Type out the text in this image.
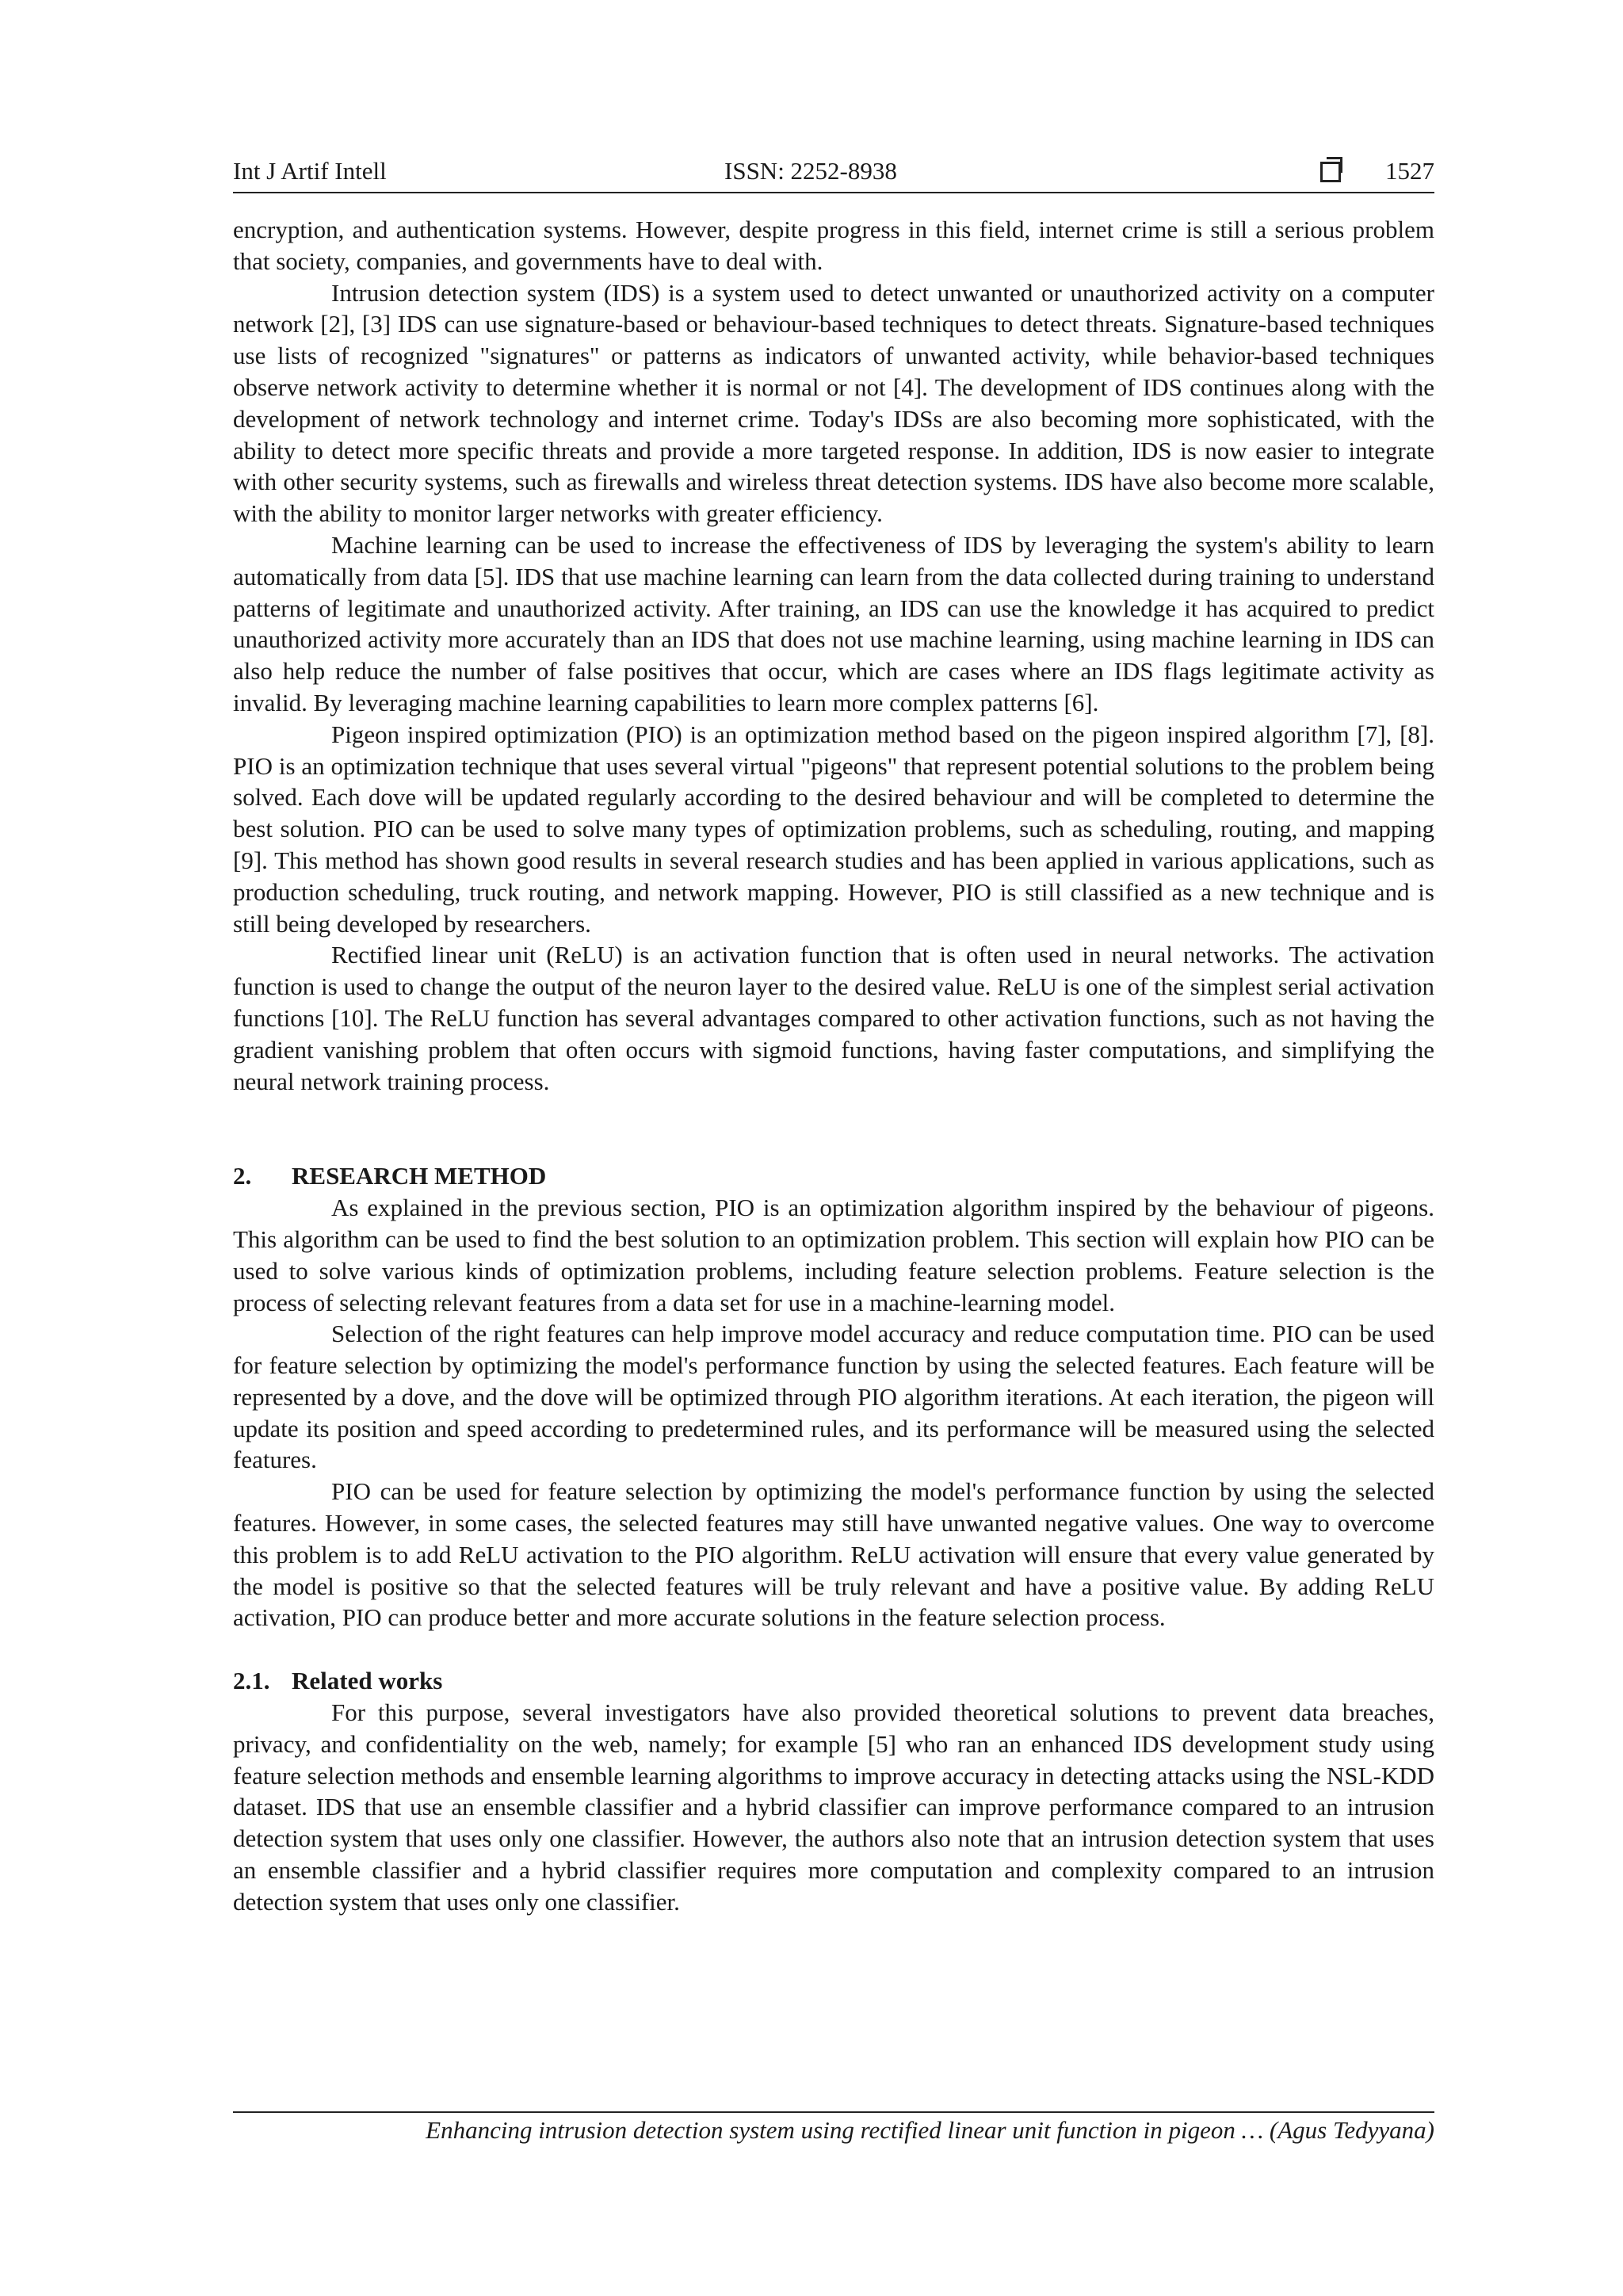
Int J Artif Intell	ISSN: 2252-8938	1527

encryption, and authentication systems. However, despite progress in this field, internet crime is still a serious problem that society, companies, and governments have to deal with.

Intrusion detection system (IDS) is a system used to detect unwanted or unauthorized activity on a computer network [2], [3] IDS can use signature-based or behaviour-based techniques to detect threats. Signature-based techniques use lists of recognized "signatures" or patterns as indicators of unwanted activity, while behavior-based techniques observe network activity to determine whether it is normal or not [4]. The development of IDS continues along with the development of network technology and internet crime. Today's IDSs are also becoming more sophisticated, with the ability to detect more specific threats and provide a more targeted response. In addition, IDS is now easier to integrate with other security systems, such as firewalls and wireless threat detection systems. IDS have also become more scalable, with the ability to monitor larger networks with greater efficiency.

Machine learning can be used to increase the effectiveness of IDS by leveraging the system's ability to learn automatically from data [5]. IDS that use machine learning can learn from the data collected during training to understand patterns of legitimate and unauthorized activity. After training, an IDS can use the knowledge it has acquired to predict unauthorized activity more accurately than an IDS that does not use machine learning, using machine learning in IDS can also help reduce the number of false positives that occur, which are cases where an IDS flags legitimate activity as invalid. By leveraging machine learning capabilities to learn more complex patterns [6].

Pigeon inspired optimization (PIO) is an optimization method based on the pigeon inspired algorithm [7], [8]. PIO is an optimization technique that uses several virtual "pigeons" that represent potential solutions to the problem being solved. Each dove will be updated regularly according to the desired behaviour and will be completed to determine the best solution. PIO can be used to solve many types of optimization problems, such as scheduling, routing, and mapping [9]. This method has shown good results in several research studies and has been applied in various applications, such as production scheduling, truck routing, and network mapping. However, PIO is still classified as a new technique and is still being developed by researchers.

Rectified linear unit (ReLU) is an activation function that is often used in neural networks. The activation function is used to change the output of the neuron layer to the desired value. ReLU is one of the simplest serial activation functions [10]. The ReLU function has several advantages compared to other activation functions, such as not having the gradient vanishing problem that often occurs with sigmoid functions, having faster computations, and simplifying the neural network training process.

2. RESEARCH METHOD

As explained in the previous section, PIO is an optimization algorithm inspired by the behaviour of pigeons. This algorithm can be used to find the best solution to an optimization problem. This section will explain how PIO can be used to solve various kinds of optimization problems, including feature selection problems. Feature selection is the process of selecting relevant features from a data set for use in a machine-learning model.

Selection of the right features can help improve model accuracy and reduce computation time. PIO can be used for feature selection by optimizing the model's performance function by using the selected features. Each feature will be represented by a dove, and the dove will be optimized through PIO algorithm iterations. At each iteration, the pigeon will update its position and speed according to predetermined rules, and its performance will be measured using the selected features.

PIO can be used for feature selection by optimizing the model's performance function by using the selected features. However, in some cases, the selected features may still have unwanted negative values. One way to overcome this problem is to add ReLU activation to the PIO algorithm. ReLU activation will ensure that every value generated by the model is positive so that the selected features will be truly relevant and have a positive value. By adding ReLU activation, PIO can produce better and more accurate solutions in the feature selection process.

2.1. Related works

For this purpose, several investigators have also provided theoretical solutions to prevent data breaches, privacy, and confidentiality on the web, namely; for example [5] who ran an enhanced IDS development study using feature selection methods and ensemble learning algorithms to improve accuracy in detecting attacks using the NSL-KDD dataset. IDS that use an ensemble classifier and a hybrid classifier can improve performance compared to an intrusion detection system that uses only one classifier. However, the authors also note that an intrusion detection system that uses an ensemble classifier and a hybrid classifier requires more computation and complexity compared to an intrusion detection system that uses only one classifier.

Enhancing intrusion detection system using rectified linear unit function in pigeon … (Agus Tedyyana)
